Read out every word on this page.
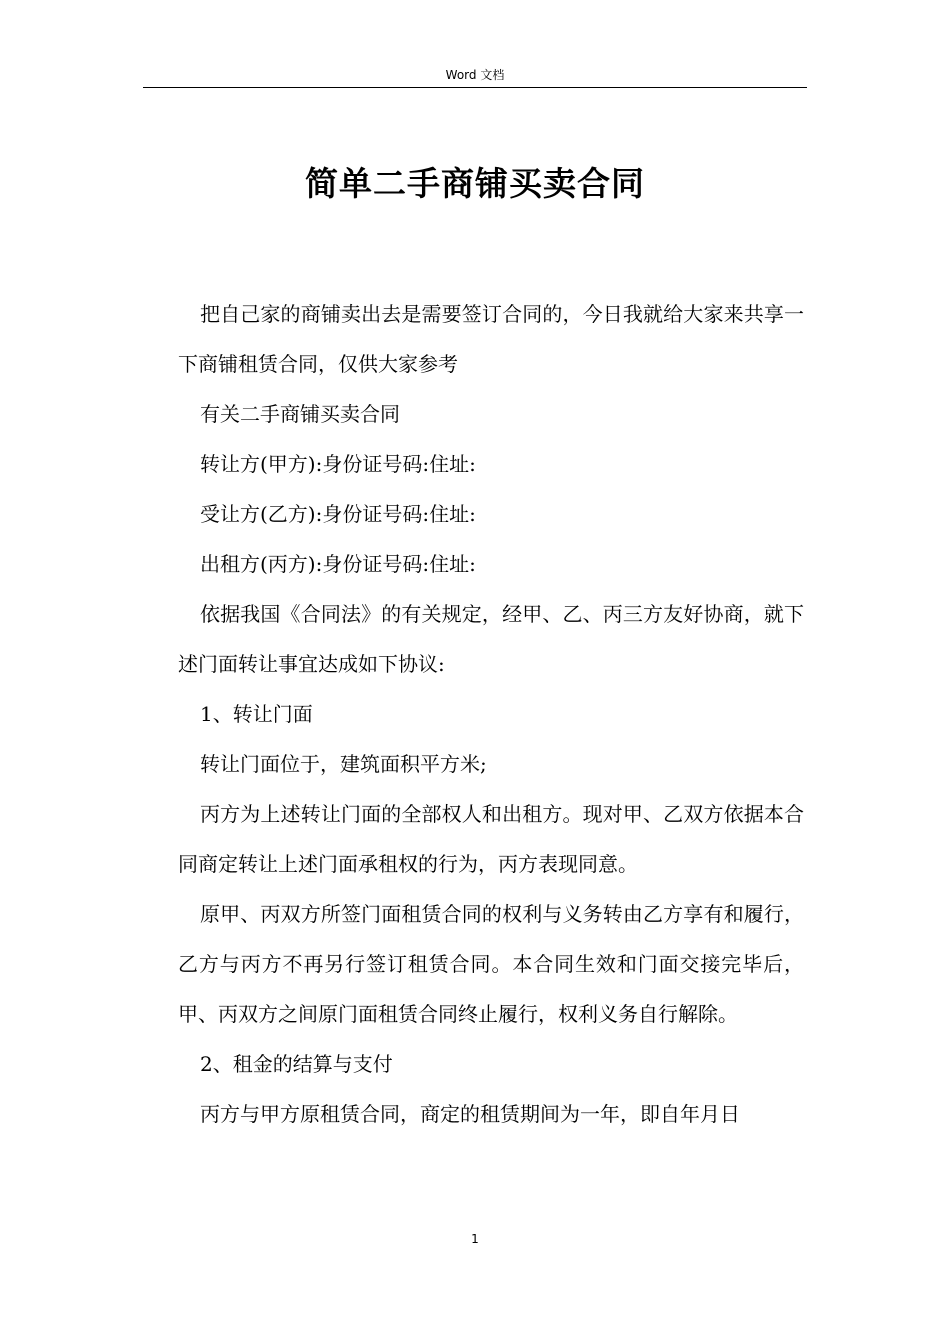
Word 文档
简单二手商铺买卖合同

把自己家的商铺卖出去是需要签订合同的，今日我就给大家来共享一下商铺租赁合同，仅供大家参考

有关二手商铺买卖合同

转让方(甲方):身份证号码:住址:

受让方(乙方):身份证号码:住址:

出租方(丙方):身份证号码:住址:

依据我国《合同法》的有关规定，经甲、乙、丙三方友好协商，就下述门面转让事宜达成如下协议:

1、转让门面

转让门面位于，建筑面积平方米;

丙方为上述转让门面的全部权人和出租方。现对甲、乙双方依据本合同商定转让上述门面承租权的行为，丙方表现同意。

原甲、丙双方所签门面租赁合同的权利与义务转由乙方享有和履行，乙方与丙方不再另行签订租赁合同。本合同生效和门面交接完毕后，甲、丙双方之间原门面租赁合同终止履行，权利义务自行解除。

2、租金的结算与支付

丙方与甲方原租赁合同，商定的租赁期间为一年，即自年月日

1
